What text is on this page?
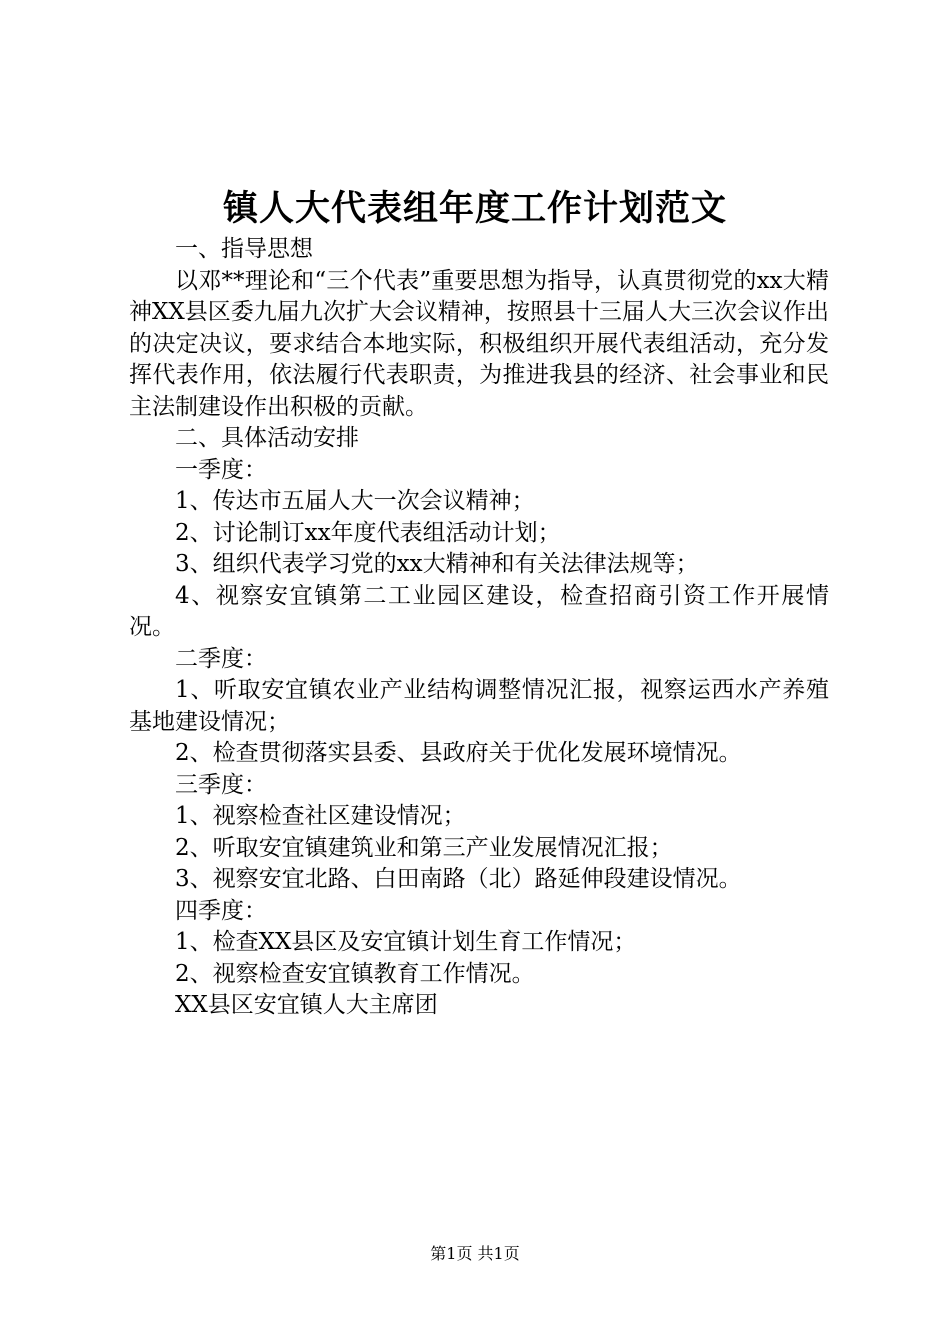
镇人大代表组年度工作计划范文

一、指导思想

以邓**理论和“三个代表”重要思想为指导，认真贯彻党的xx大精神XX县区委九届九次扩大会议精神，按照县十三届人大三次会议作出的决定决议，要求结合本地实际，积极组织开展代表组活动，充分发挥代表作用，依法履行代表职责，为推进我县的经济、社会事业和民主法制建设作出积极的贡献。

二、具体活动安排

一季度：

1、传达市五届人大一次会议精神；

2、讨论制订xx年度代表组活动计划；

3、组织代表学习党的xx大精神和有关法律法规等；

4、视察安宜镇第二工业园区建设，检查招商引资工作开展情况。

二季度：

1、听取安宜镇农业产业结构调整情况汇报，视察运西水产养殖基地建设情况；

2、检查贯彻落实县委、县政府关于优化发展环境情况。

三季度：

1、视察检查社区建设情况；

2、听取安宜镇建筑业和第三产业发展情况汇报；

3、视察安宜北路、白田南路（北）路延伸段建设情况。

四季度：

1、检查XX县区及安宜镇计划生育工作情况；

2、视察检查安宜镇教育工作情况。

XX县区安宜镇人大主席团

第1页 共1页
